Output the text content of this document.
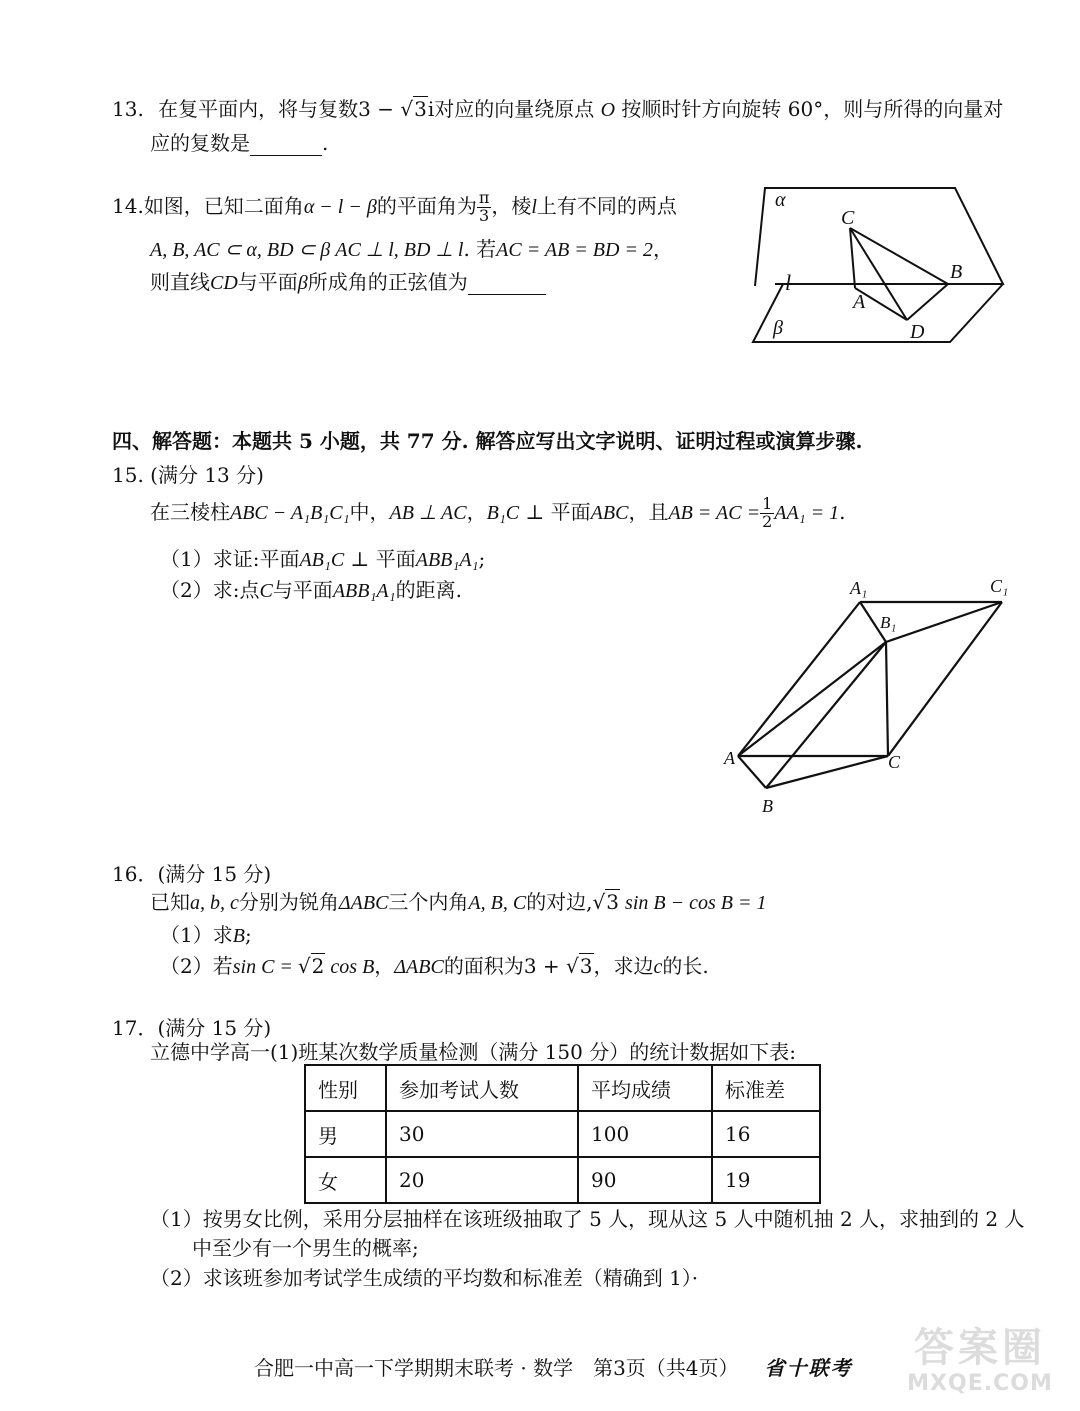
13. 在复平面内，将与复数3 − √3i对应的向量绕原点 O 按顺时针方向旋转 60°，则与所得的向量对
应的复数是	.
14.如图，已知二面角α − l − β的平面角为 $\frac{\pi}{3}$ ，棱l上有不同的两点
A, B, AC ⊂ α, BD ⊂ β AC ⊥ l, BD ⊥ l. 若AC = AB = BD = 2，
则直线CD与平面β所成角的正弦值为
α
C
B
l
A
D
β
四、解答题：本题共 5 小题，共 77 分. 解答应写出文字说明、证明过程或演算步骤.
15. (满分 13 分)
在三棱柱ABC − A₁B₁C₁中，AB ⊥ AC，B₁C ⊥ 平面ABC，且AB = AC = $\frac{1}{2} AA_1 = 1$.
（1）求证:平面AB₁C ⊥ 平面ABB₁A₁;
（2）求:点C与平面ABB₁A₁的距离.	A₁	C₁
B₁
A	C
B
16．(满分 15 分)
已知a, b, c分别为锐角ΔABC三个内角A, B, C的对边,√3 sin B − cos B = 1
（1）求B;
（2）若sin C = √2 cos B，ΔABC的面积为3 + √3，求边c的长.
17．(满分 15 分)
立德中学高一(1)班某次数学质量检测（满分 150 分）的统计数据如下表:
性别	参加考试人数	平均成绩	标准差
男	30	100	16
女	20	90	19
（1）按男女比例，采用分层抽样在该班级抽取了 5 人，现从这 5 人中随机抽 2 人，求抽到的 2 人
中至少有一个男生的概率;
（2）求该班参加考试学生成绩的平均数和标准差（精确到 1）·
合肥一中高一下学期期末联考 · 数学　第3页（共4页） 省十联考	答案圈
MXQE.COM
